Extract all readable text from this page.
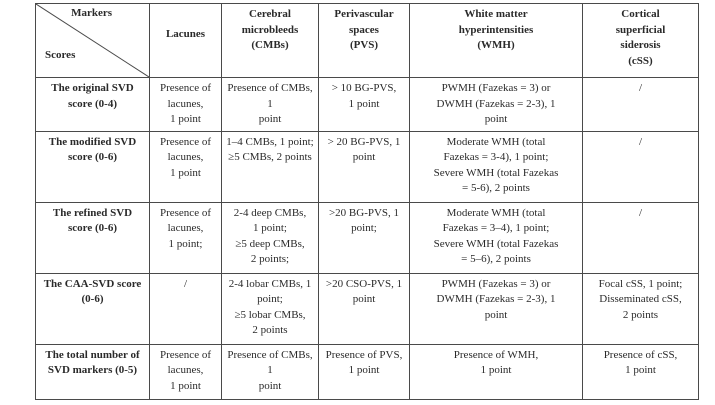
Markers
Scores	Lacunes	Cerebral
microbleeds
(CMBs)	Perivascular
spaces
(PVS)	White matter
hyperintensities
(WMH)	Cortical
superficial
siderosis
(cSS)

The original SVD
score (0-4)	Presence of
lacunes,
1 point	Presence of CMBs, 1
point	> 10 BG-PVS,
1 point	PWMH (Fazekas = 3) or
DWMH (Fazekas = 2-3), 1
point	/

The modified SVD
score (0-6)	Presence of
lacunes,
1 point	1–4 CMBs, 1 point;
≥5 CMBs, 2 points	> 20 BG-PVS, 1
point	Moderate WMH (total
Fazekas = 3-4), 1 point;
Severe WMH (total Fazekas
= 5-6), 2 points	/

The refined SVD
score (0-6)	Presence of
lacunes,
1 point;	2-4 deep CMBs,
1 point;
≥5 deep CMBs,
2 points;	>20 BG-PVS, 1
point;	Moderate WMH (total
Fazekas = 3–4), 1 point;
Severe WMH (total Fazekas
= 5–6), 2 points	/

The CAA-SVD score
(0-6)	/	2-4 lobar CMBs, 1
point;
≥5 lobar CMBs,
2 points	>20 CSO-PVS, 1
point	PWMH (Fazekas = 3) or
DWMH (Fazekas = 2-3), 1
point	Focal cSS, 1 point;
Disseminated cSS,
2 points

The total number of
SVD markers (0-5)	Presence of
lacunes,
1 point	Presence of CMBs, 1
point	Presence of PVS,
1 point	Presence of WMH,
1 point	Presence of cSS,
1 point
